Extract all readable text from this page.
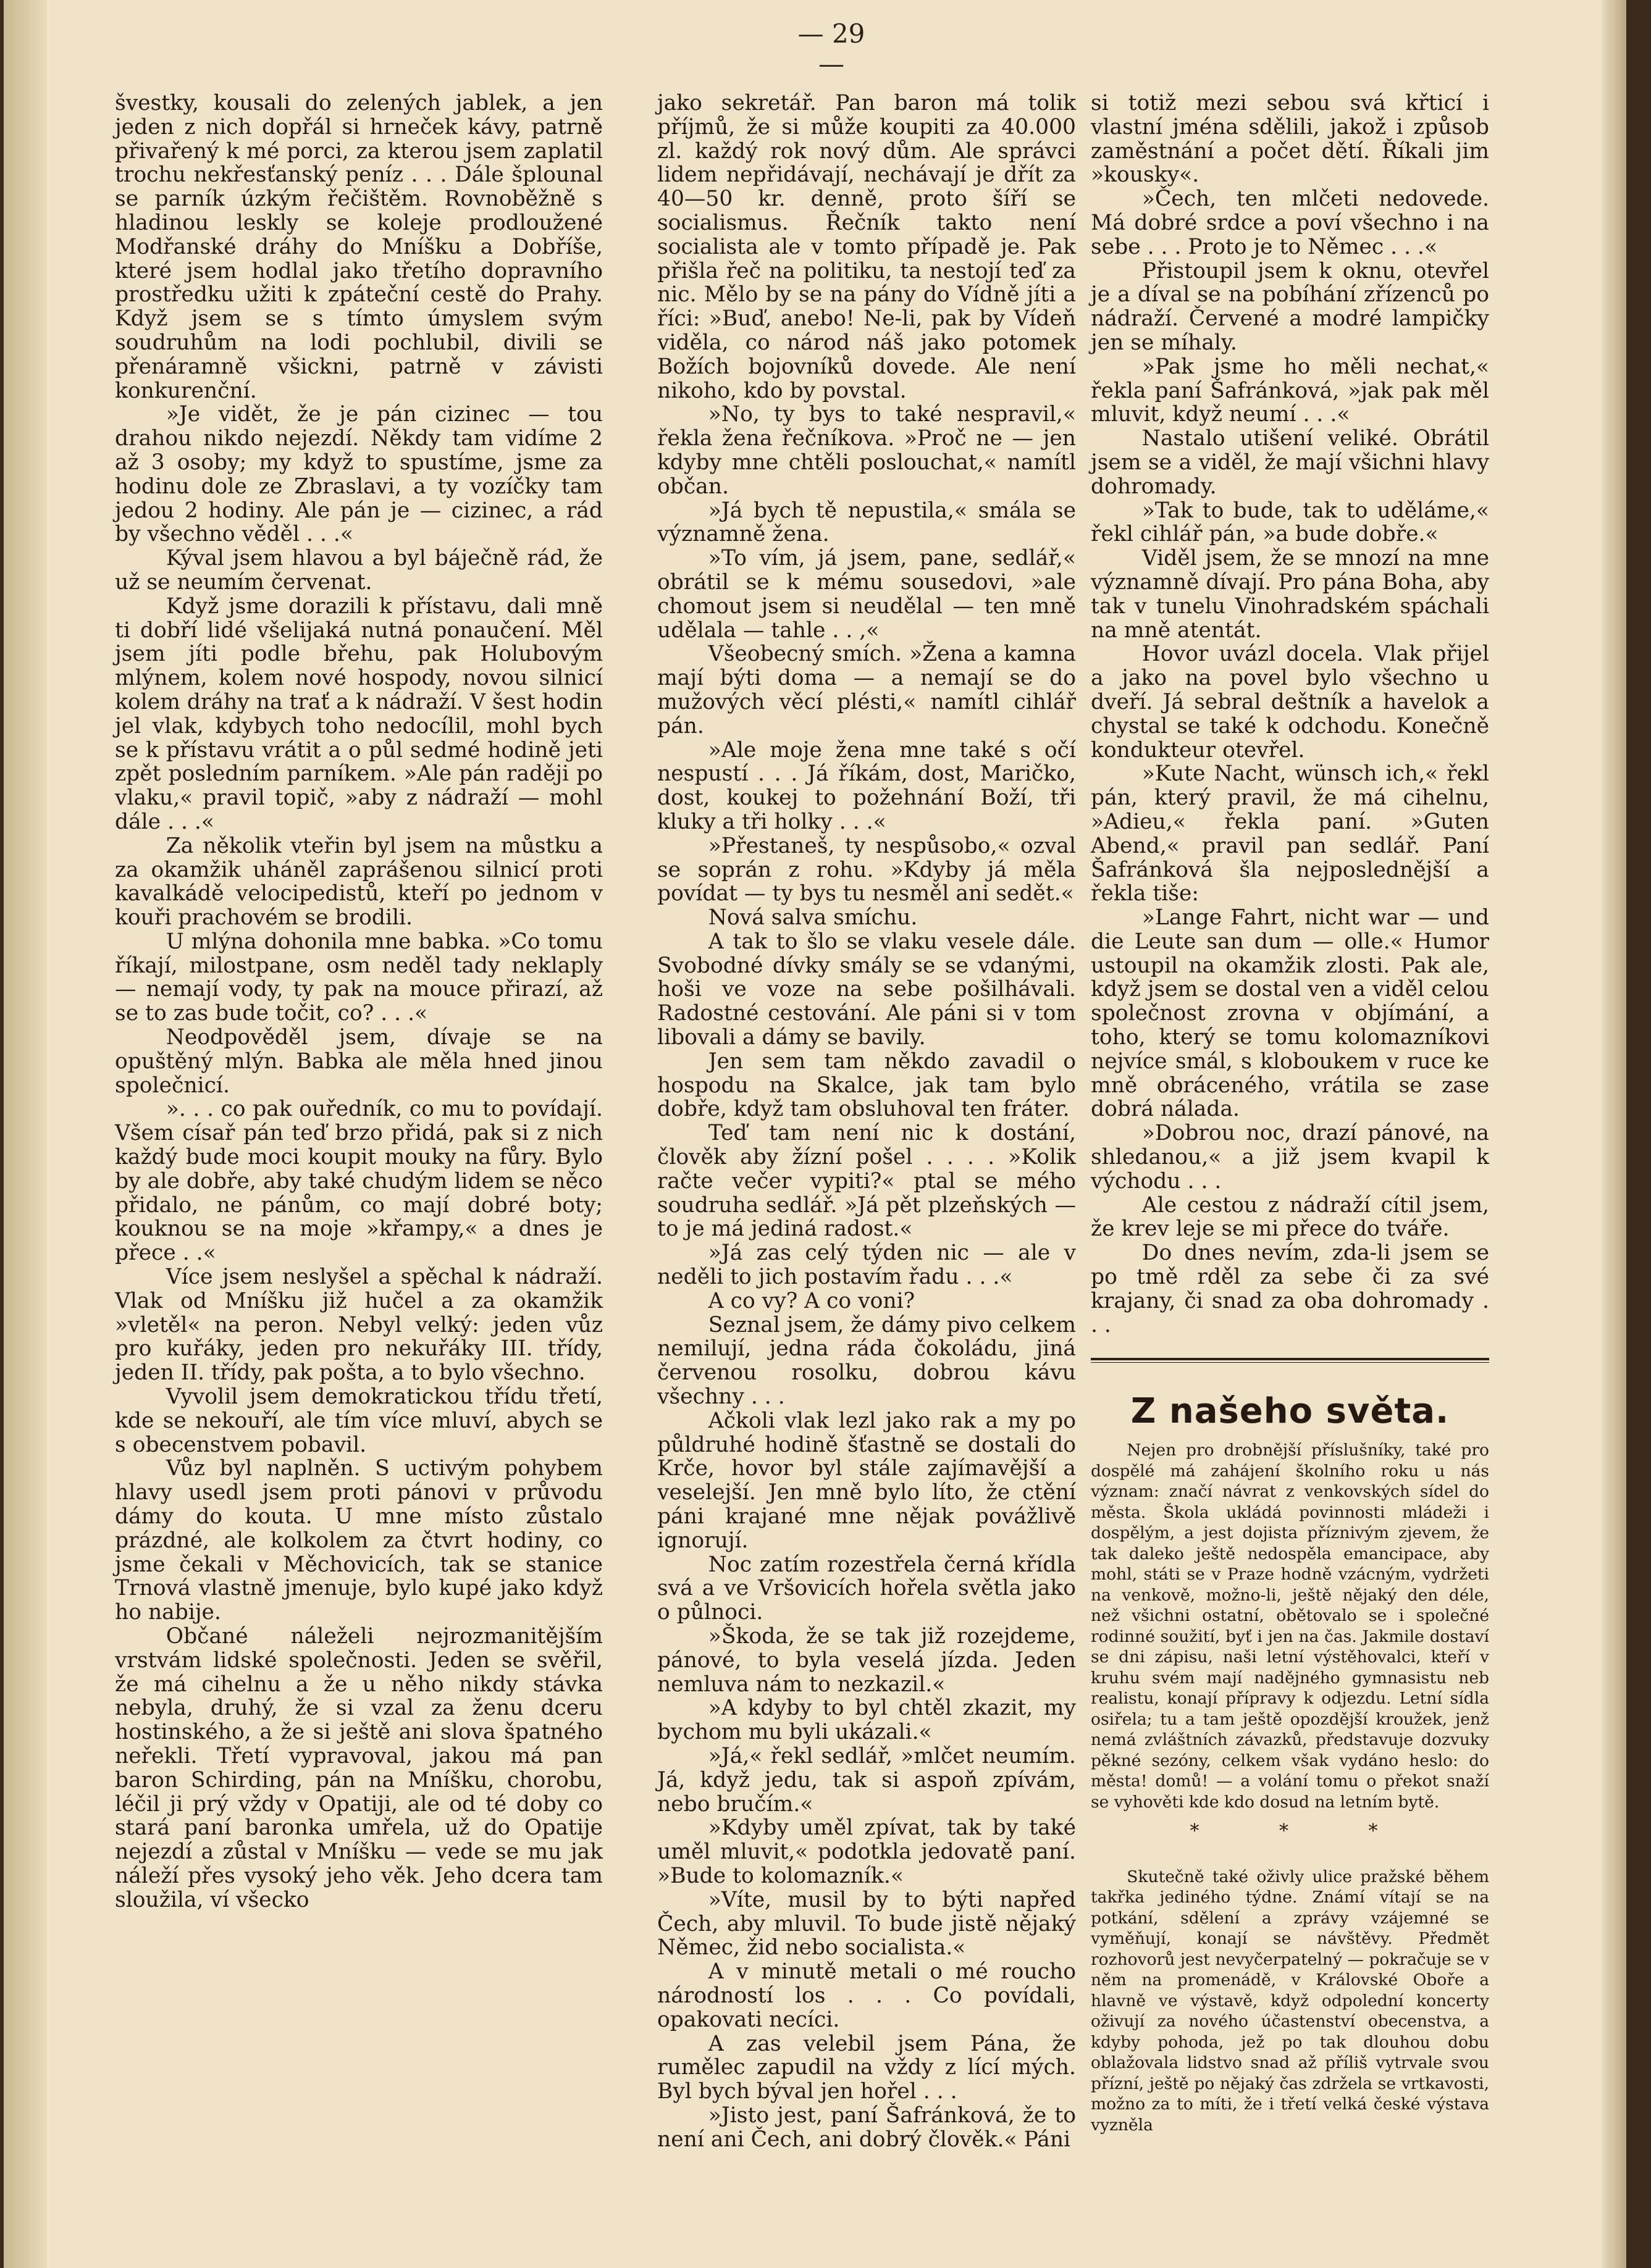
— 29 —

švestky, kousali do zelených jablek, a jen jeden z nich dopřál si hrneček kávy, patrně přivařený k mé porci, za kterou jsem zaplatil trochu nekřesťanský peníz . . . Dále šplounal se parník úzkým řečištěm. Rovnoběžně s hladinou leskly se koleje prodloužené Modřanské dráhy do Mníšku a Dobříše, které jsem hodlal jako třetího dopravního prostředku užiti k zpáteční cestě do Prahy. Když jsem se s tímto úmyslem svým soudruhům na lodi pochlubil, divili se přenáramně všickni, patrně v závisti konkurenční.

»Je vidět, že je pán cizinec — tou drahou nikdo nejezdí. Někdy tam vidíme 2 až 3 osoby; my když to spustíme, jsme za hodinu dole ze Zbraslavi, a ty vozíčky tam jedou 2 hodiny. Ale pán je — cizinec, a rád by všechno věděl . . .«

Kýval jsem hlavou a byl báječně rád, že už se neumím červenat.

Když jsme dorazili k přístavu, dali mně ti dobří lidé všelijaká nutná ponaučení. Měl jsem jíti podle břehu, pak Holubovým mlýnem, kolem nové hospody, novou silnicí kolem dráhy na trať a k nádraží. V šest hodin jel vlak, kdybych toho nedocílil, mohl bych se k přístavu vrátit a o půl sedmé hodině jeti zpět posledním parníkem. »Ale pán raději po vlaku,« pravil topič, »aby z nádraží — mohl dále . . .«

Za několik vteřin byl jsem na můstku a za okamžik uháněl zaprášenou silnicí proti kavalkádě velocipedistů, kteří po jednom v kouři prachovém se brodili.

U mlýna dohonila mne babka. »Co tomu říkají, milostpane, osm neděl tady neklaply — nemají vody, ty pak na mouce přirazí, až se to zas bude točit, co? . . .«

Neodpověděl jsem, dívaje se na opuštěný mlýn. Babka ale měla hned jinou společnicí.

». . . co pak ouředník, co mu to povídají. Všem císař pán teď brzo přidá, pak si z nich každý bude moci koupit mouky na fůry. Bylo by ale dobře, aby také chudým lidem se něco přidalo, ne pánům, co mají dobré boty; kouknou se na moje »křampy,« a dnes je přece . .«

Více jsem neslyšel a spěchal k nádraží. Vlak od Mníšku již hučel a za okamžik »vletěl« na peron. Nebyl velký: jeden vůz pro kuřáky, jeden pro nekuřáky III. třídy, jeden II. třídy, pak pošta, a to bylo všechno.

Vyvolil jsem demokratickou třídu třetí, kde se nekouří, ale tím více mluví, abych se s obecenstvem pobavil.

Vůz byl naplněn. S uctivým pohybem hlavy usedl jsem proti pánovi v průvodu dámy do kouta. U mne místo zůstalo prázdné, ale kolkolem za čtvrt hodiny, co jsme čekali v Měchovicích, tak se stanice Trnová vlastně jmenuje, bylo kupé jako když ho nabije.

Občané náleželi nejrozmanitějším vrstvám lidské společnosti. Jeden se svěřil, že má cihelnu a že u něho nikdy stávka nebyla, druhý, že si vzal za ženu dceru hostinského, a že si ještě ani slova špatného neřekli. Třetí vypravoval, jakou má pan baron Schirding, pán na Mníšku, chorobu, léčil ji prý vždy v Opatiji, ale od té doby co stará paní baronka umřela, už do Opatije nejezdí a zůstal v Mníšku — vede se mu jak náleží přes vysoký jeho věk. Jeho dcera tam sloužila, ví všecko

jako sekretář. Pan baron má tolik příjmů, že si může koupiti za 40.000 zl. každý rok nový dům. Ale správci lidem nepřidávají, nechávají je dřít za 40—50 kr. denně, proto šíří se socialismus. Řečník takto není socialista ale v tomto případě je. Pak přišla řeč na politiku, ta nestojí teď za nic. Mělo by se na pány do Vídně jíti a říci: »Buď, anebo! Ne-li, pak by Vídeň viděla, co národ náš jako potomek Božích bojovníků dovede. Ale není nikoho, kdo by povstal.

»No, ty bys to také nespravil,« řekla žena řečníkova. »Proč ne — jen kdyby mne chtěli poslouchat,« namítl občan.

»Já bych tě nepustila,« smála se významně žena.

»To vím, já jsem, pane, sedlář,« obrátil se k mému sousedovi, »ale chomout jsem si neudělal — ten mně udělala — tahle . . ,«

Všeobecný smích. »Žena a kamna mají býti doma — a nemají se do mužových věcí plésti,« namítl cihlář pán.

»Ale moje žena mne také s očí nespustí . . . Já říkám, dost, Maričko, dost, koukej to požehnání Boží, tři kluky a tři holky . . .«

»Přestaneš, ty nespůsobo,« ozval se soprán z rohu. »Kdyby já měla povídat — ty bys tu nesměl ani sedět.«

Nová salva smíchu.

A tak to šlo se vlaku vesele dále. Svobodné dívky smály se se vdanými, hoši ve voze na sebe pošilhávali. Radostné cestování. Ale páni si v tom libovali a dámy se bavily.

Jen sem tam někdo zavadil o hospodu na Skalce, jak tam bylo dobře, když tam obsluhoval ten fráter.

Teď tam není nic k dostání, člověk aby žízní pošel . . . . »Kolik račte večer vypiti?« ptal se mého soudruha sedlář. »Já pět plzeňských — to je má jediná radost.«

»Já zas celý týden nic — ale v neděli to jich postavím řadu . . .«

A co vy? A co voni?

Seznal jsem, že dámy pivo celkem nemilují, jedna ráda čokoládu, jiná červenou rosolku, dobrou kávu všechny . . .

Ačkoli vlak lezl jako rak a my po půldruhé hodině šťastně se dostali do Krče, hovor byl stále zajímavější a veselejší. Jen mně bylo líto, že ctění páni krajané mne nějak povážlivě ignorují.

Noc zatím rozestřela černá křídla svá a ve Vršovicích hořela světla jako o půlnoci.

»Škoda, že se tak již rozejdeme, pánové, to byla veselá jízda. Jeden nemluva nám to nezkazil.«

»A kdyby to byl chtěl zkazit, my bychom mu byli ukázali.«

»Já,« řekl sedlář, »mlčet neumím. Já, když jedu, tak si aspoň zpívám, nebo bručím.«

»Kdyby uměl zpívat, tak by také uměl mluvit,« podotkla jedovatě paní. »Bude to kolomazník.«

»Víte, musil by to býti napřed Čech, aby mluvil. To bude jistě nějaký Němec, žid nebo socialista.«

A v minutě metali o mé roucho národností los . . . Co povídali, opakovati necíci.

A zas velebil jsem Pána, že rumělec zapudil na vždy z lící mých. Byl bych býval jen hořel . . .

»Jisto jest, paní Šafránková, že to není ani Čech, ani dobrý člověk.« Páni

si totiž mezi sebou svá křticí i vlastní jména sdělili, jakož i způsob zaměstnání a počet dětí. Říkali jim »kousky«.

»Čech, ten mlčeti nedovede. Má dobré srdce a poví všechno i na sebe . . . Proto je to Němec . . .«

Přistoupil jsem k oknu, otevřel je a díval se na pobíhání zřízenců po nádraží. Červené a modré lampičky jen se míhaly.

»Pak jsme ho měli nechat,« řekla paní Šafránková, »jak pak měl mluvit, když neumí . . .«

Nastalo utišení veliké. Obrátil jsem se a viděl, že mají všichni hlavy dohromady.

»Tak to bude, tak to uděláme,« řekl cihlář pán, »a bude dobře.«

Viděl jsem, že se mnozí na mne významně dívají. Pro pána Boha, aby tak v tunelu Vinohradském spáchali na mně atentát.

Hovor uvázl docela. Vlak přijel a jako na povel bylo všechno u dveří. Já sebral deštník a havelok a chystal se také k odchodu. Konečně kondukteur otevřel.

»Kute Nacht, wünsch ich,« řekl pán, který pravil, že má cihelnu, »Adieu,« řekla paní. »Guten Abend,« pravil pan sedlář. Paní Šafránková šla nejposlednější a řekla tiše:

»Lange Fahrt, nicht war — und die Leute san dum — olle.« Humor ustoupil na okamžik zlosti. Pak ale, když jsem se dostal ven a viděl celou společnost zrovna v objímání, a toho, který se tomu kolomazníkovi nejvíce smál, s kloboukem v ruce ke mně obráceného, vrátila se zase dobrá nálada.

»Dobrou noc, drazí pánové, na shledanou,« a již jsem kvapil k východu . . .

Ale cestou z nádraží cítil jsem, že krev leje se mi přece do tváře.

Do dnes nevím, zda-li jsem se po tmě rděl za sebe či za své krajany, či snad za oba dohromady . . .

Z našeho světa.

Nejen pro drobnější příslušníky, také pro dospělé má zahájení školního roku u nás význam: značí návrat z venkovských sídel do města. Škola ukládá povinnosti mládeži i dospělým, a jest dojista příznivým zjevem, že tak daleko ještě nedospěla emancipace, aby mohl, státi se v Praze hodně vzácným, vydržeti na venkově, možno-li, ještě nějaký den déle, než všichni ostatní, obětovalo se i společné rodinné soužití, byť i jen na čas. Jakmile dostaví se dni zápisu, naši letní výstěhovalci, kteří v kruhu svém mají nadějného gymnasistu neb realistu, konají přípravy k odjezdu. Letní sídla osiřela; tu a tam ještě opozdější kroužek, jenž nemá zvláštních závazků, představuje dozvuky pěkné sezóny, celkem však vydáno heslo: do města! domů! — a volání tomu o překot snaží se vyhověti kde kdo dosud na letním bytě.

* * *

Skutečně také oživly ulice pražské během takřka jediného týdne. Známí vítají se na potkání, sdělení a zprávy vzájemné se vyměňují, konají se návštěvy. Předmět rozhovorů jest nevyčerpatelný — pokračuje se v něm na promenádě, v Královské Oboře a hlavně ve výstavě, když odpolední koncerty oživují za nového účastenství obecenstva, a kdyby pohoda, jež po tak dlouhou dobu oblažovala lidstvo snad až příliš vytrvale svou přízní, ještě po nějaký čas zdržela se vrtkavosti, možno za to míti, že i třetí velká české výstava vyzněla
